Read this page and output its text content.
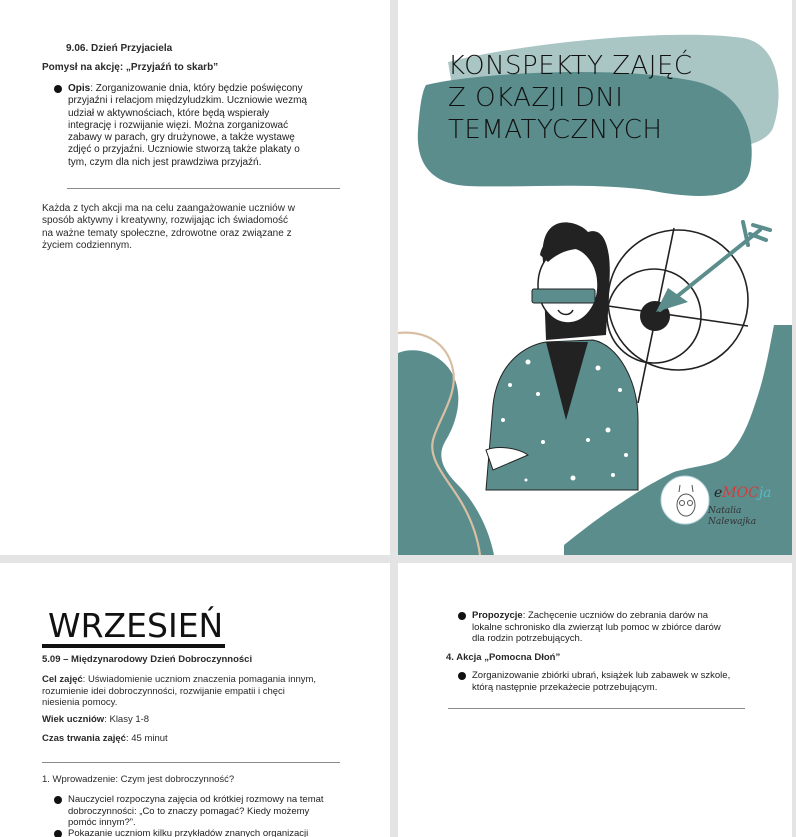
9.06. Dzień Przyjaciela
Pomysł na akcję: „Przyjaźń to skarb”
Opis: Zorganizowanie dnia, który będzie poświęcony
przyjaźni i relacjom międzyludzkim. Uczniowie wezmą
udział w aktywnościach, które będą wspierały
integrację i rozwijanie więzi. Można zorganizować
zabawy w parach, gry drużynowe, a także wystawę
zdjęć o przyjaźni. Uczniowie stworzą także plakaty o
tym, czym dla nich jest prawdziwa przyjaźń.
Każda z tych akcji ma na celu zaangażowanie uczniów w
sposób aktywny i kreatywny, rozwijając ich świadomość
na ważne tematy społeczne, zdrowotne oraz związane z
życiem codziennym.
KONSPEKTY ZAJĘĆ
Z OKAZJI DNI
TEMATYCZNYCH
eMOCja
Natalia
Nalewajka
WRZESIEŃ
5.09 – Międzynarodowy Dzień Dobroczynności
Cel zajęć: Uświadomienie uczniom znaczenia pomagania innym,
rozumienie idei dobroczynności, rozwijanie empatii i chęci
niesienia pomocy.
Wiek uczniów: Klasy 1-8
Czas trwania zajęć: 45 minut
1. Wprowadzenie: Czym jest dobroczynność?
Nauczyciel rozpoczyna zajęcia od krótkiej rozmowy na temat
dobroczynności: „Co to znaczy pomagać? Kiedy możemy
pomóc innym?”.
Pokazanie uczniom kilku przykładów znanych organizacji
Propozycje: Zachęcenie uczniów do zebrania darów na
lokalne schronisko dla zwierząt lub pomoc w zbiórce darów
dla rodzin potrzebujących.
4. Akcja „Pomocna Dłoń”
Zorganizowanie zbiórki ubrań, książek lub zabawek w szkole,
którą następnie przekażecie potrzebującym.
